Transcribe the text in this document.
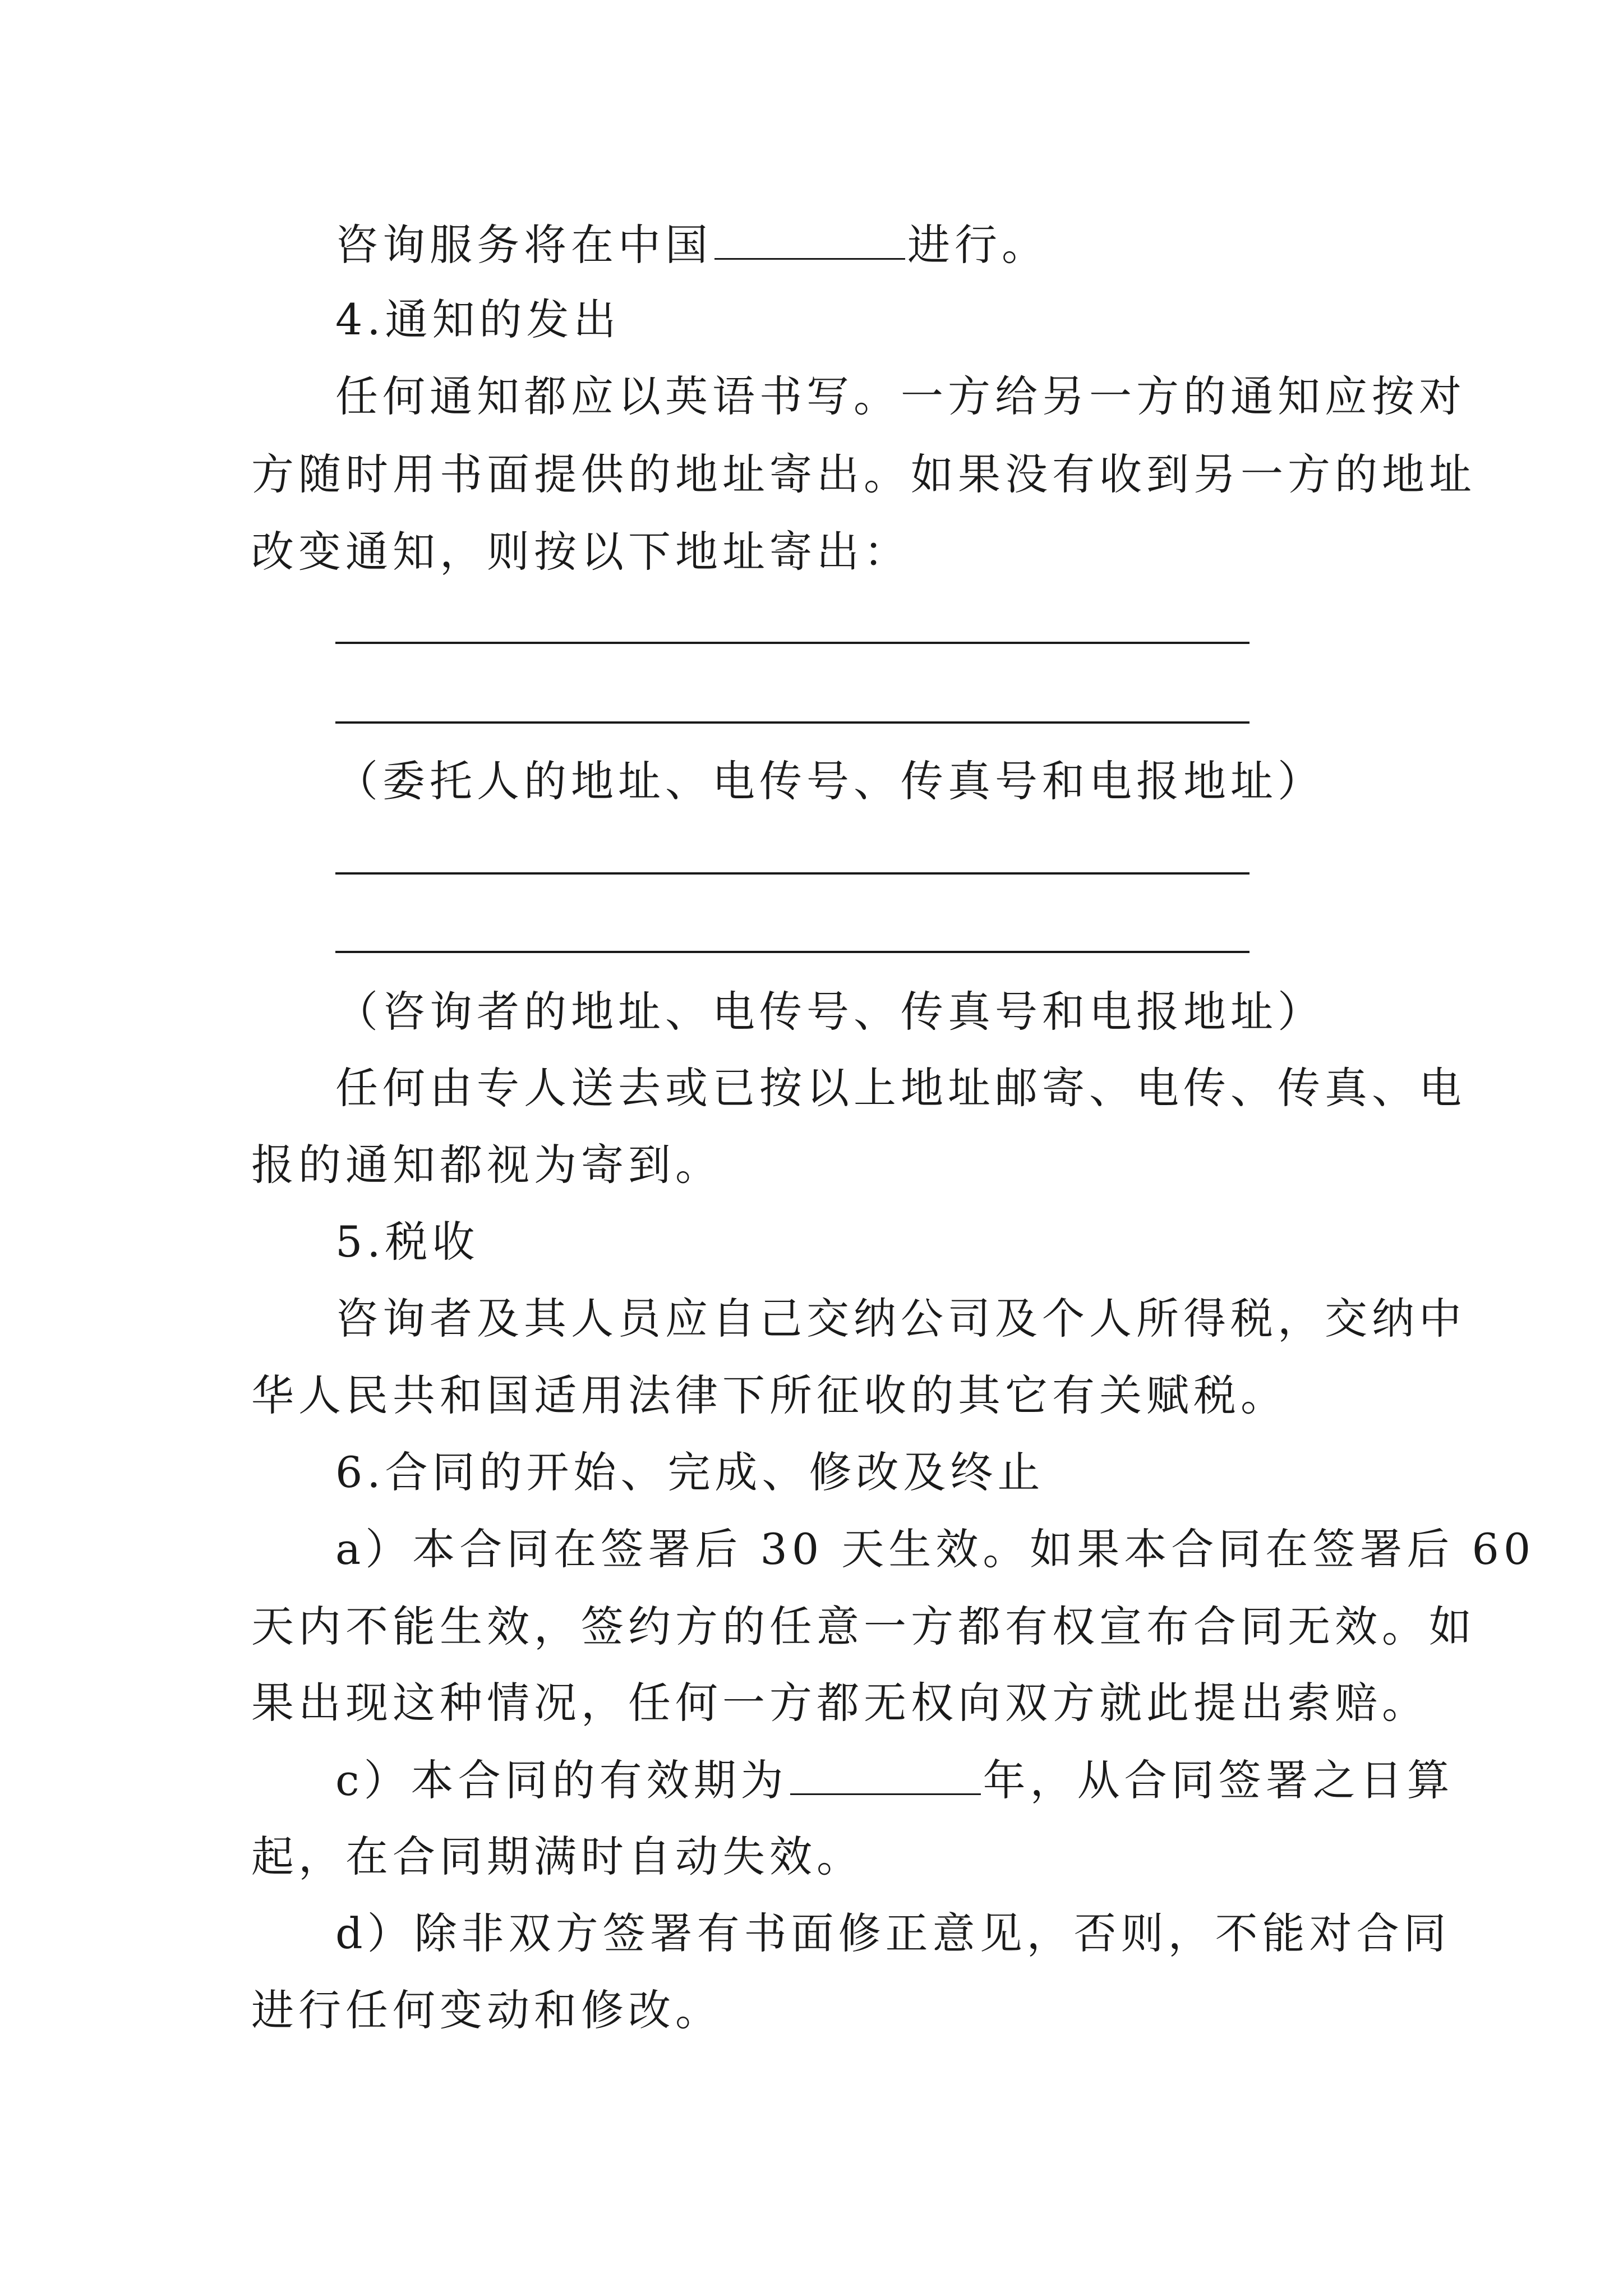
咨询服务将在中国	进行。
4.通知的发出
任何通知都应以英语书写。一方给另一方的通知应按对
方随时用书面提供的地址寄出。如果没有收到另一方的地址
改变通知，则按以下地址寄出：
（委托人的地址、电传号、传真号和电报地址）
（咨询者的地址、电传号、传真号和电报地址）
任何由专人送去或已按以上地址邮寄、电传、传真、电
报的通知都视为寄到。
5.税收
咨询者及其人员应自己交纳公司及个人所得税，交纳中
华人民共和国适用法律下所征收的其它有关赋税。
6.合同的开始、完成、修改及终止
a）本合同在签署后 30 天生效。如果本合同在签署后 60
天内不能生效，签约方的任意一方都有权宣布合同无效。如
果出现这种情况，任何一方都无权向双方就此提出索赔。
c）本合同的有效期为	年，从合同签署之日算
起，在合同期满时自动失效。
d）除非双方签署有书面修正意见，否则，不能对合同
进行任何变动和修改。
